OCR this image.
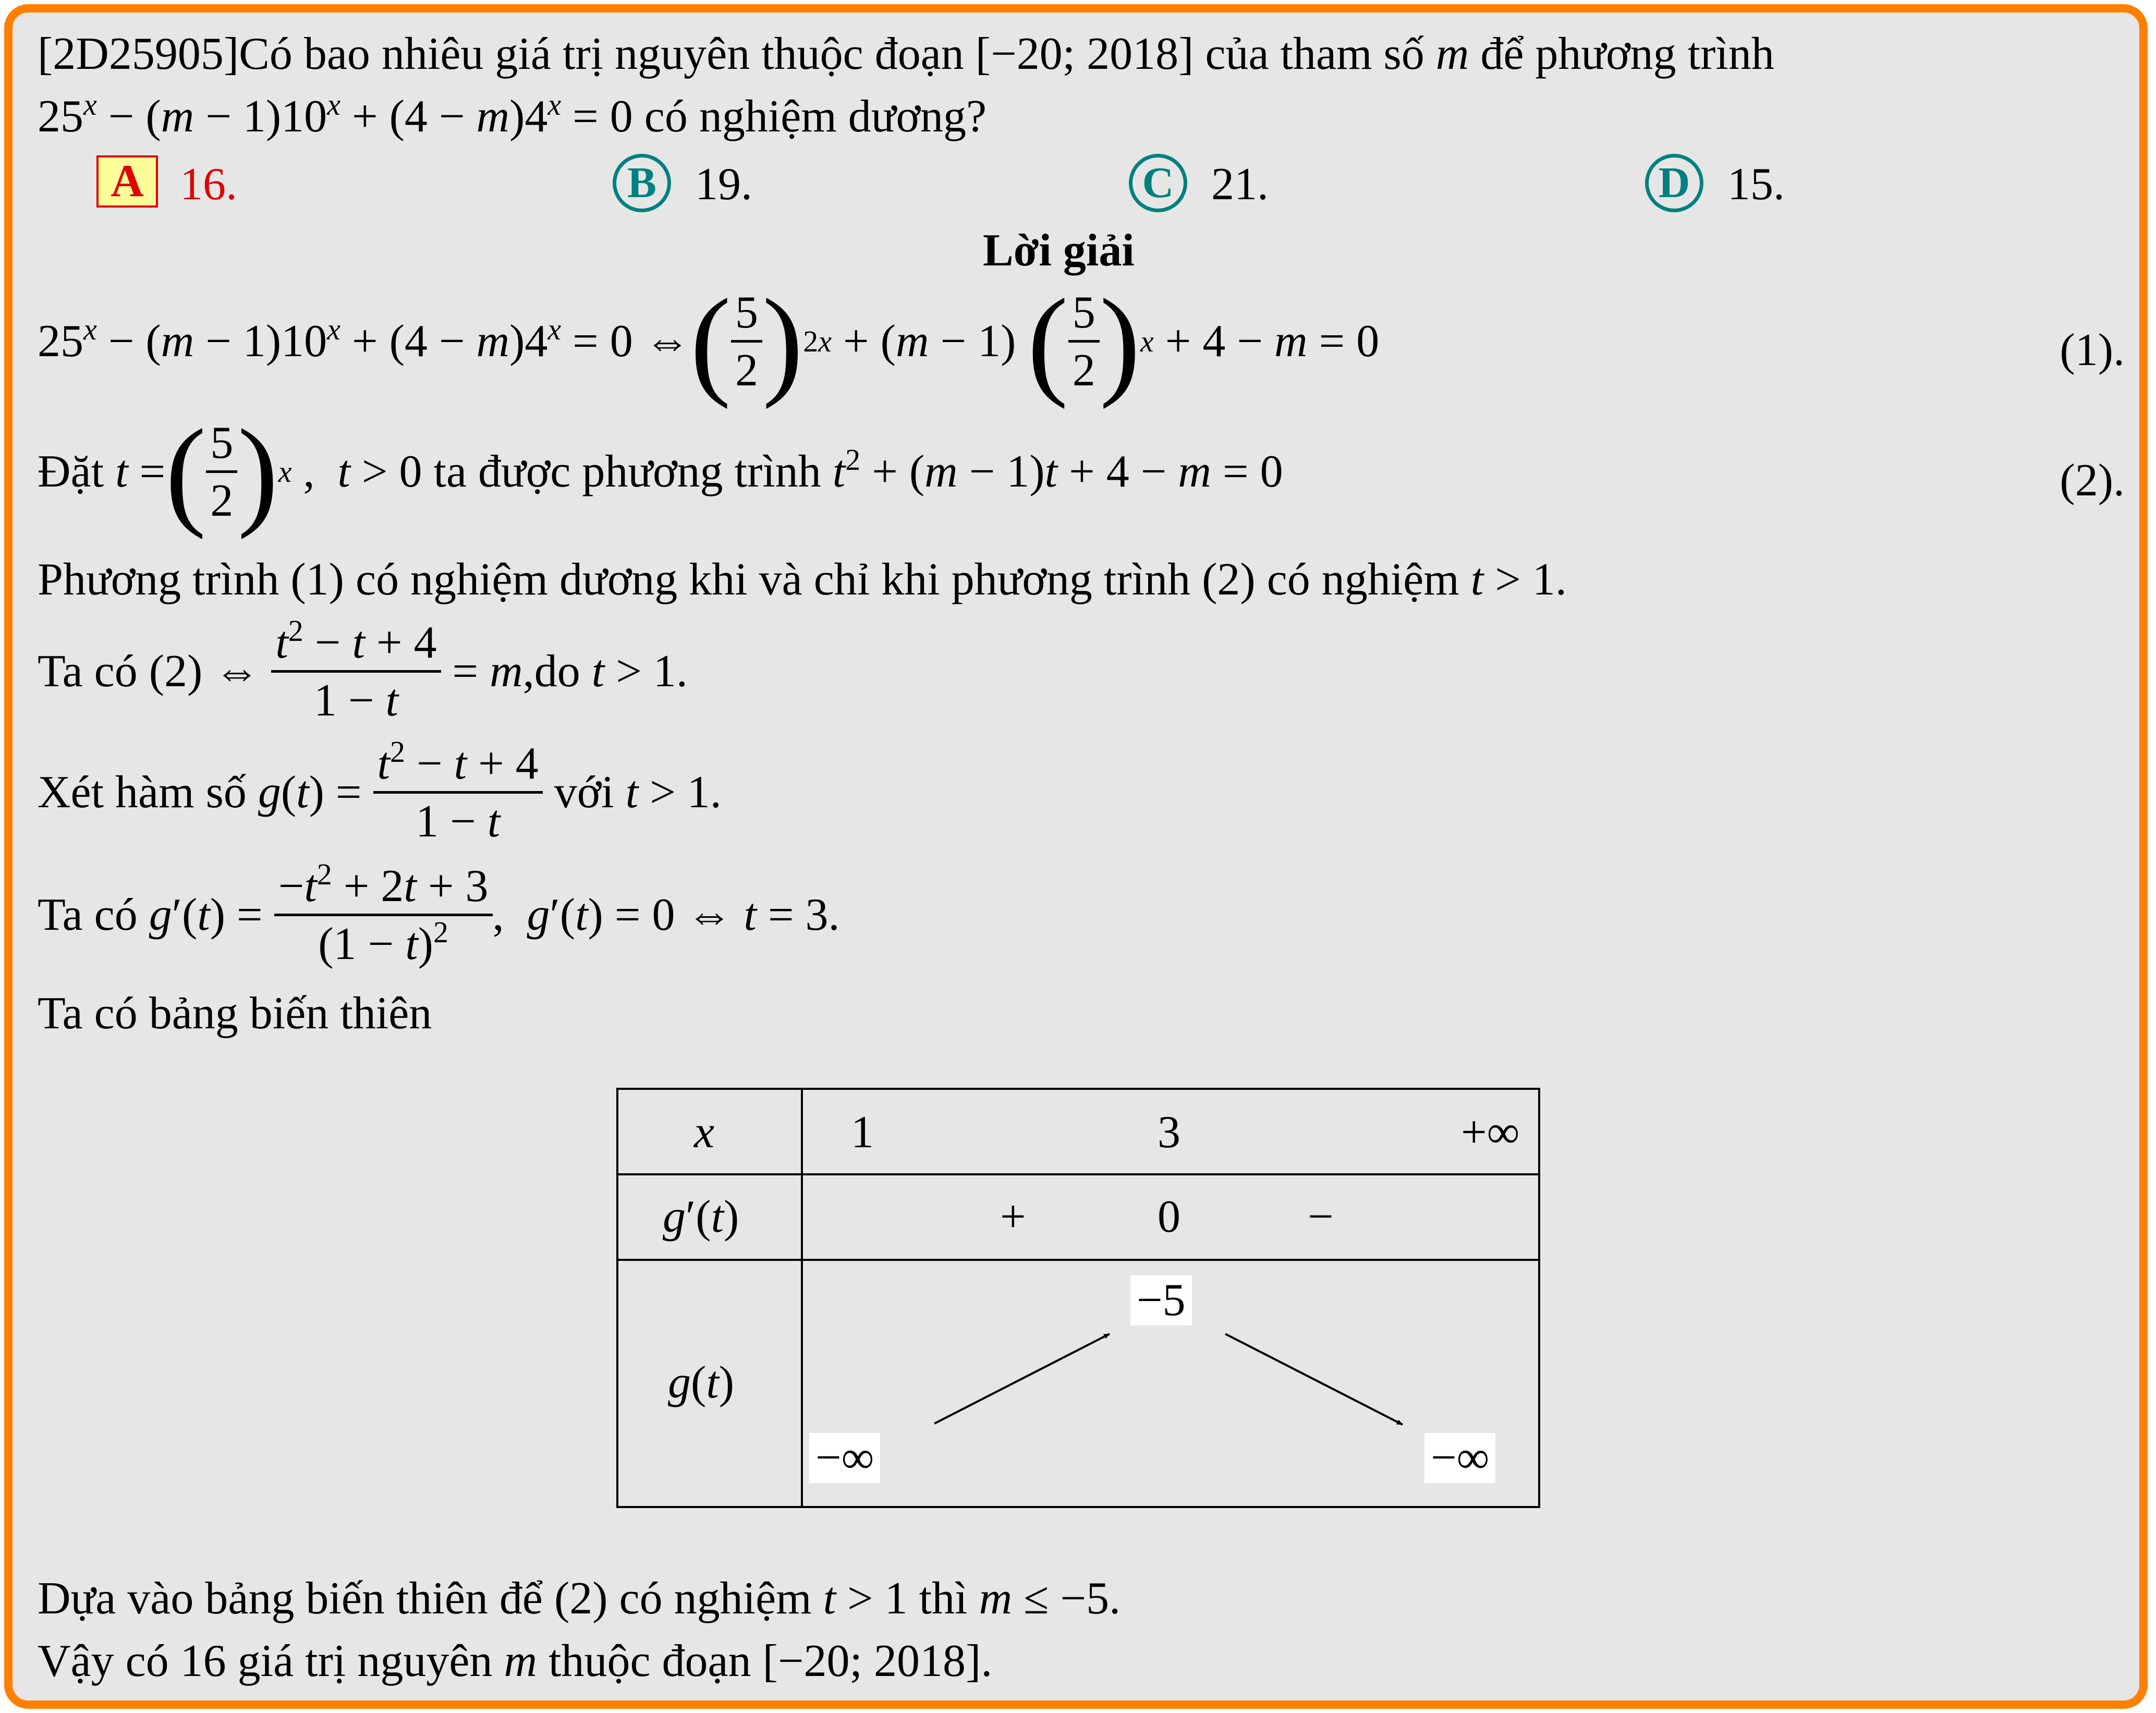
[2D25905]Có bao nhiêu giá trị nguyên thuộc đoạn [−20; 2018] của tham số m để phương trình
$25^x - (m - 1)10^x + (4 - m)4^x = 0$ có nghiệm dương?
A 16.	B 19.	C 21.	D 15.
Lời giải
$25^x - (m - 1)10^x + (4 - m)4^x = 0$ ⇔ ( $\frac{5}{2}$ ) 2x + (m − 1) ( $\frac{5}{2}$ ) x + 4 − m = 0	(1).
Đặt t = ( $\frac{5}{2}$ ) x ,  t > 0
ta được phương trình $t^2 + (m - 1)t + 4 - m = 0$	(2).
Phương trình (1) có nghiệm dương khi và chỉ khi phương trình (2) có nghiệm t > 1.
Ta có (2) ⇔ $\frac{t^2 - t + 4}{1 - t} = m$, do t > 1.
Xét hàm số $g(t) = \frac{t^2 - t + 4}{1 - t}$
với t > 1.
Ta có $g'(t) = \frac{-t^2 + 2t + 3}{(1 - t)^2}$ ,  g′(t) = 0 ⇔ t = 3.
Ta có bảng biến thiên
x	1 3 +∞

g′(t)	+ 0 −

g(t)	−5
−∞ −∞
Dựa vào bảng biến thiên để (2) có nghiệm t > 1 thì m ≤ −5.
Vậy có 16 giá trị nguyên m thuộc đoạn [−20; 2018].
